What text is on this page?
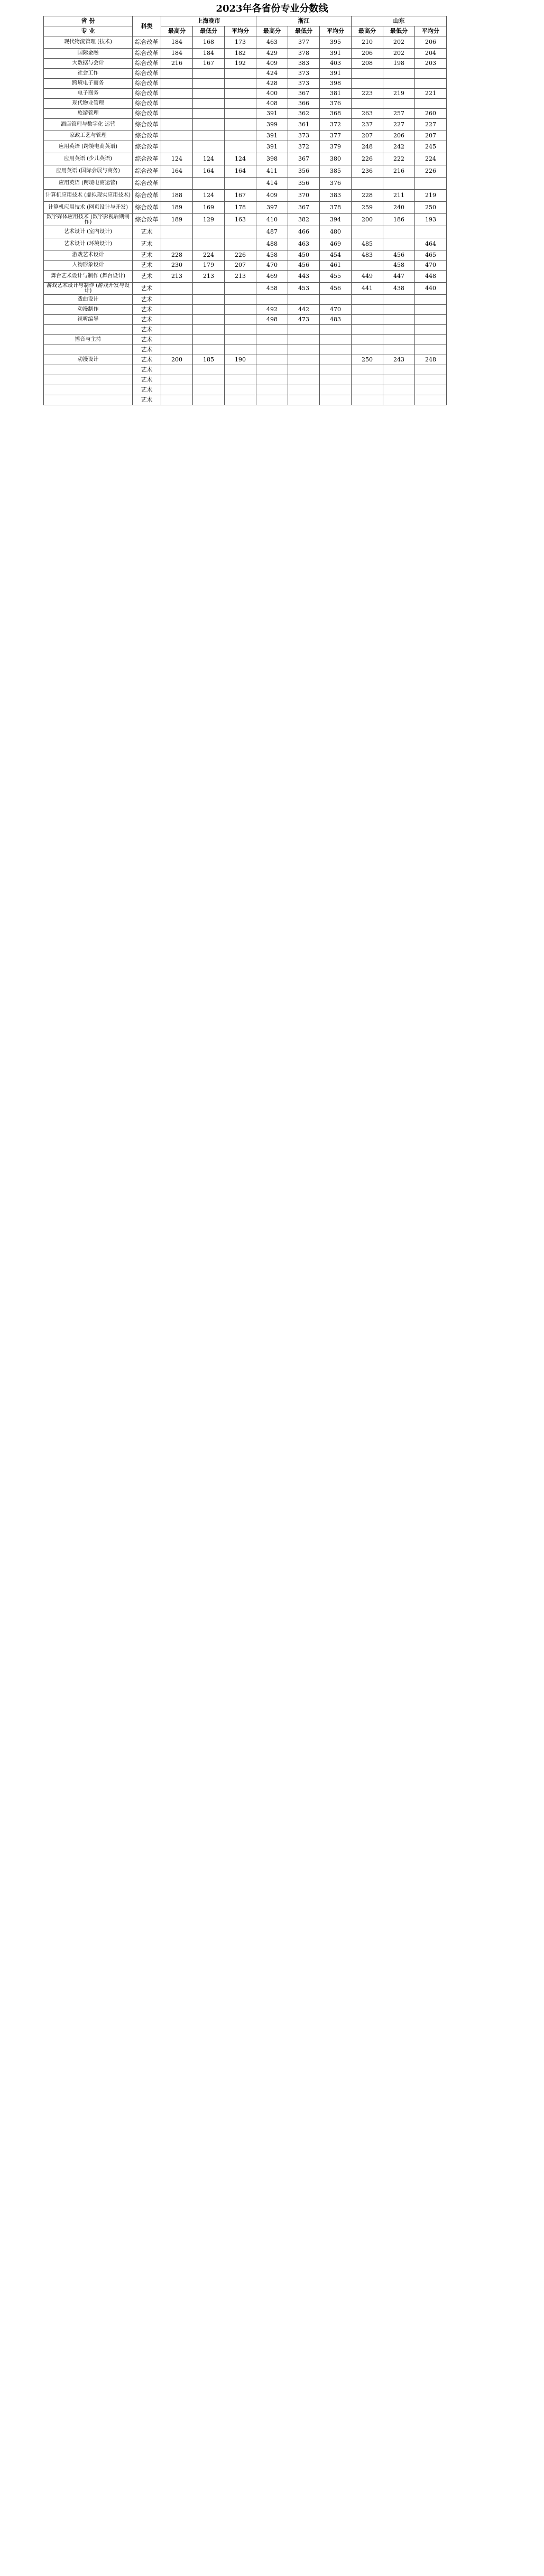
2023年各省份专业分数线
省 份	科类	上海晚市			浙江			山东		
专 业		最高分	最低分	平均分	最高分	最低分	平均分	最高分	最低分	平均分
现代物流管理 (技术)	综合改革	184	168	173	463	377	395	210	202	206
国际金融	综合改革	184	184	182	429	378	391	206	202	204
大数据与会计	综合改革	216	167	192	409	383	403	208	198	203
社会工作	综合改革				424	373	391			
跨境电子商务	综合改革				428	373	398			
电子商务	综合改革				400	367	381	223	219	221
现代物业管理	综合改革				408	366	376			
旅游管理	综合改革				391	362	368	263	257	260
酒店管理与数字化 运营	综合改革				399	361	372	237	227	227
家政工艺与管理	综合改革				391	373	377	207	206	207
应用英语 (跨境电商英语)	综合改革				391	372	379	248	242	245
应用英语 (少儿英语)	综合改革	124	124	124	398	367	380	226	222	224
应用英语 (国际会展与商务)	综合改革	164	164	164	411	356	385	236	216	226
应用英语 (跨境电商运营)	综合改革				414	356	376			
计算机应用技术 (虚拟现实应用技术)	综合改革	188	124	167	409	370	383	228	211	219
计算机应用技术 (网页设计与开发)	综合改革	189	169	178	397	367	378	259	240	250
数字媒体应用技术 (数字影视后期制作)	综合改革	189	129	163	410	382	394	200	186	193
艺术设计 (室内设计)	艺术				487	466	480			
艺术设计 (环境设计)	艺术				488	463	469	485		464
游戏艺术设计	艺术	228	224	226	458	450	454	483	456	465
人物形象设计	艺术	230	179	207	470	456	461		458	470
舞台艺术设计与制作 (舞台设计)	艺术	213	213	213	469	443	455	449	447	448
游戏艺术设计与制作 (游戏开发与设计)	艺术				458	453	456	441	438	440
戏曲设计	艺术									
动漫制作	艺术				492	442	470			
视听编导	艺术				498	473	483			
	艺术									
播音与主持	艺术									
	艺术									
动漫设计	艺术	200	185	190				250	243	248
	艺术									
	艺术									
	艺术									
	艺术									
